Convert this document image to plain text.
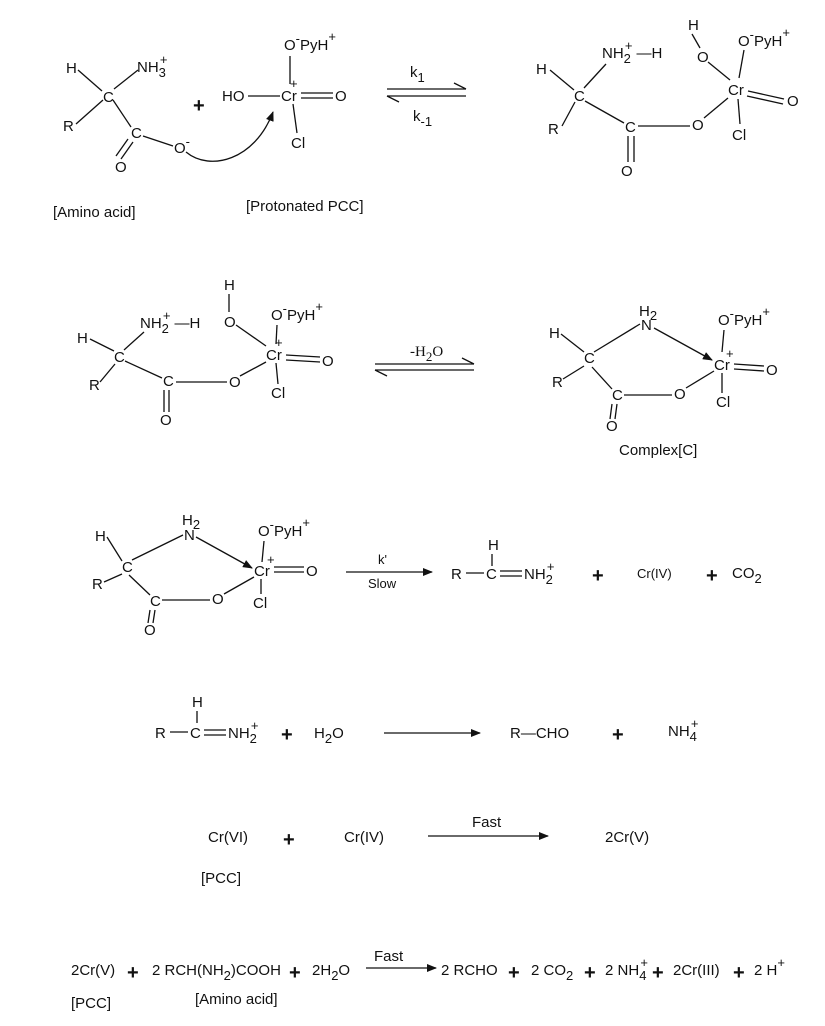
H	NH3+
C
R	C
O
O-
+
O-PyH+
HO Cr
+
O
Cl
k1
k-1
H
NH2+ —H
C
R	C
O
O
H
O
O-PyH+
Cr
O
Cl
[Amino acid]	[Protonated PCC]
H
NH2+ —H
C
R	C
O
O
H
O O-PyH+
Cr
+
O
Cl
-H2O
H
H2
N
C
R
C
O
O
O-PyH+
Cr
+
O
Cl
Complex[C]
H
H2
N
C
R
C
O
O
O-PyH+
Cr
+
O
Cl
k'
Slow
H
R C NH2+ +	Cr(IV) + CO2
H
R C NH2+ + H2O	R—CHO +	NH4+
Cr(VI) +	Cr(IV)
Fast
2Cr(V)
[PCC]
2Cr(V) + 2 RCH(NH2)COOH + 2H2O
Fast
2 RCHO + 2 CO2 + 2 NH4+ + 2Cr(III) + 2 H+
[PCC]	[Amino acid]
